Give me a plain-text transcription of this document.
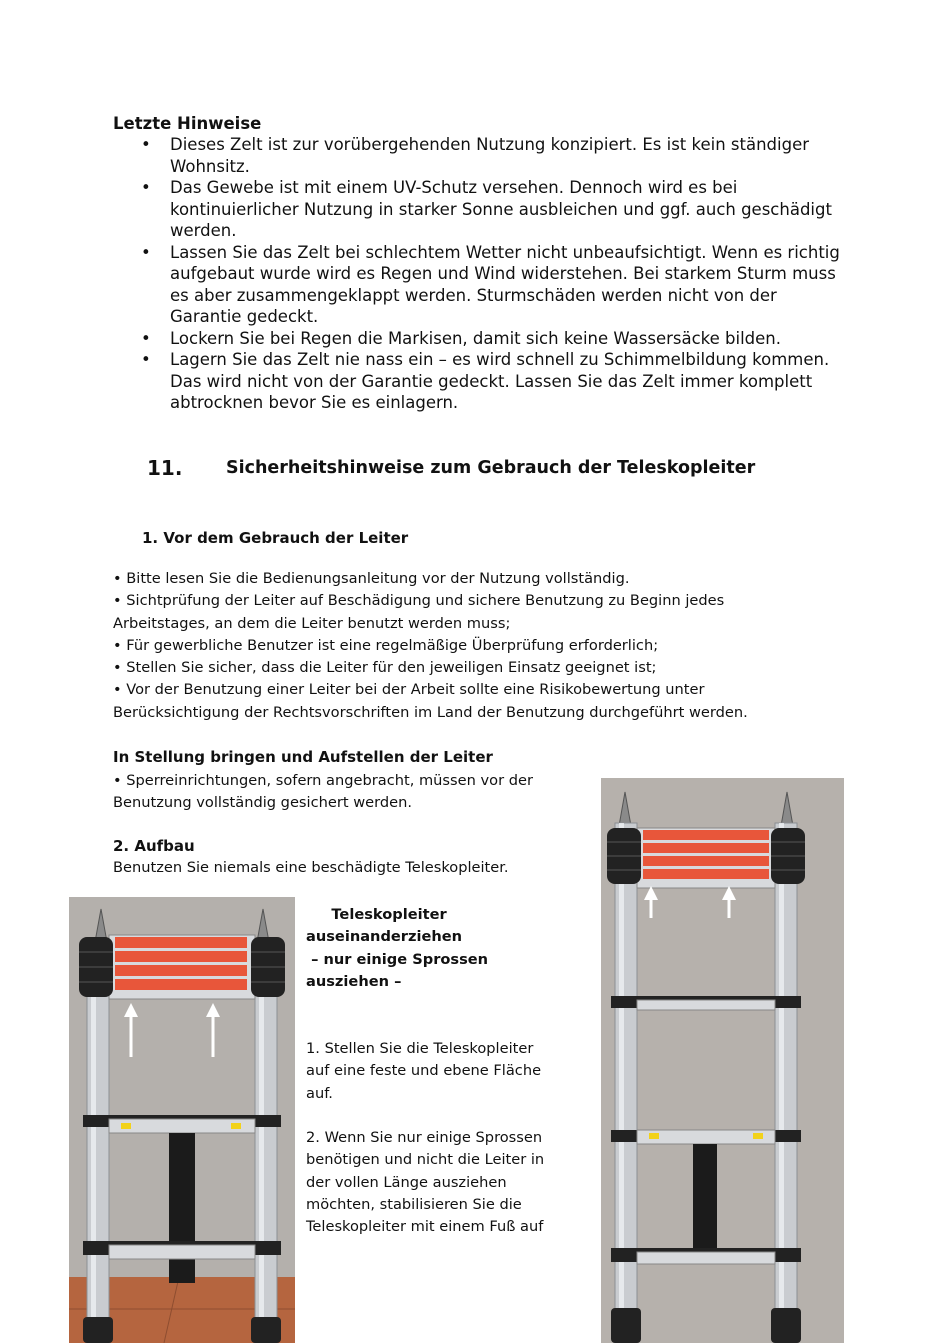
Letzte Hinweise
• Dieses Zelt ist zur vorübergehenden Nutzung konzipiert. Es ist kein ständiger Wohnsitz.
• Das Gewebe ist mit einem UV-Schutz versehen. Dennoch wird es bei kontinuierlicher Nutzung in starker Sonne ausbleichen und ggf. auch geschädigt werden.
• Lassen Sie das Zelt bei schlechtem Wetter nicht unbeaufsichtigt. Wenn es richtig aufgebaut wurde wird es Regen und Wind widerstehen. Bei starkem Sturm muss es aber zusammengeklappt werden. Sturmschäden werden nicht von der Garantie gedeckt.
• Lockern Sie bei Regen die Markisen, damit sich keine Wassersäcke bilden.
• Lagern Sie das Zelt nie nass ein – es wird schnell zu Schimmelbildung kommen. Das wird nicht von der Garantie gedeckt. Lassen Sie das Zelt immer komplett abtrocknen bevor Sie es einlagern.
11. Sicherheitshinweise zum Gebrauch der Teleskopleiter
1. Vor dem Gebrauch der Leiter
• Bitte lesen Sie die Bedienungsanleitung vor der Nutzung vollständig.
• Sichtprüfung der Leiter auf Beschädigung und sichere Benutzung zu Beginn jedes
Arbeitstages, an dem die Leiter benutzt werden muss;
• Für gewerbliche Benutzer ist eine regelmäßige Überprüfung erforderlich;
• Stellen Sie sicher, dass die Leiter für den jeweiligen Einsatz geeignet ist;
• Vor der Benutzung einer Leiter bei der Arbeit sollte eine Risikobewertung unter
Berücksichtigung der Rechtsvorschriften im Land der Benutzung durchgeführt werden.
In Stellung bringen und Aufstellen der Leiter
• Sperreinrichtungen, sofern angebracht, müssen vor der
Benutzung vollständig gesichert werden.
2. Aufbau
Benutzen Sie niemals eine beschädigte Teleskopleiter.
Teleskopleiter
auseinanderziehen
– nur einige Sprossen
ausziehen –
1. Stellen Sie die Teleskopleiter
auf eine feste und ebene Fläche
auf.
2. Wenn Sie nur einige Sprossen
benötigen und nicht die Leiter in
der vollen Länge ausziehen
möchten, stabilisieren Sie die
Teleskopleiter mit einem Fuß auf
